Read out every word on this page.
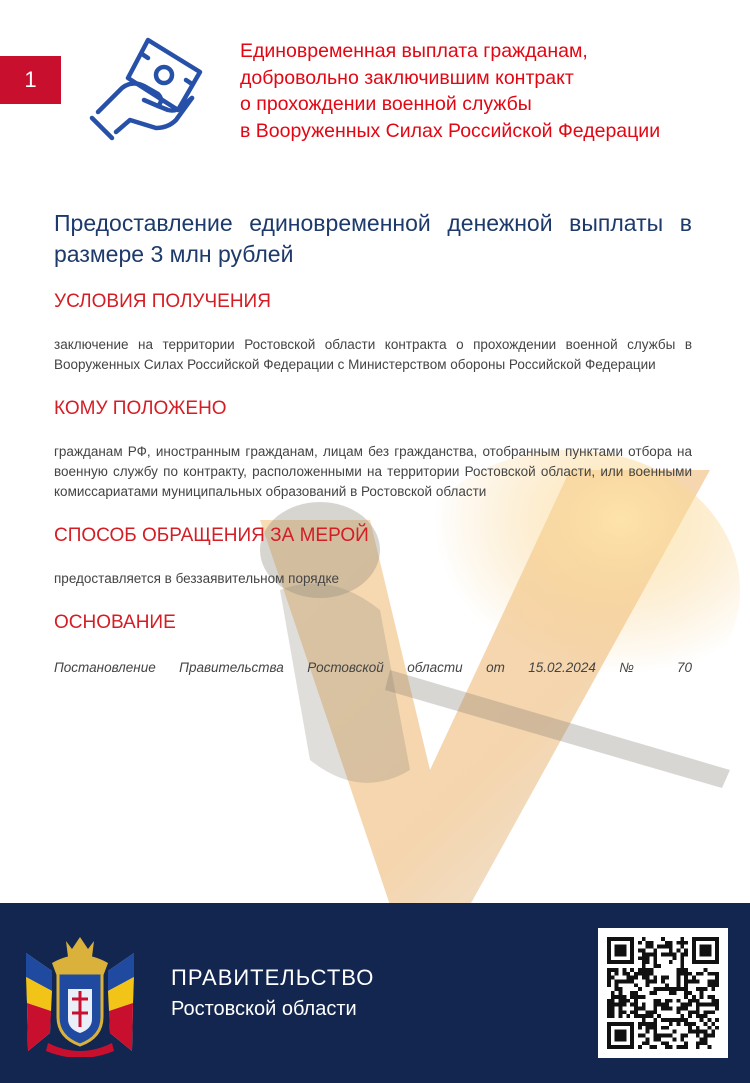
1
Единовременная выплата гражданам,
добровольно заключившим контракт
о прохождении военной службы
в Вооруженных Силах Российской Федерации
Предоставление единовременной денежной выплаты в размере 3 млн рублей
УСЛОВИЯ ПОЛУЧЕНИЯ
заключение на территории Ростовской области контракта о прохождении военной службы в Вооруженных Силах Российской Федерации с Министерством обороны Российской Федерации
КОМУ ПОЛОЖЕНО
гражданам РФ, иностранным гражданам, лицам без гражданства, отобранным пунктами отбора на военную службу по контракту, расположенными на территории Ростовской области, или военными комиссариатами муниципальных образований в Ростовской области
СПОСОБ ОБРАЩЕНИЯ ЗА МЕРОЙ
предоставляется в беззаявительном порядке
ОСНОВАНИЕ
Постановление Правительства Ростовской области от 15.02.2024 № 70
ПРАВИТЕЛЬСТВО
Ростовской области
